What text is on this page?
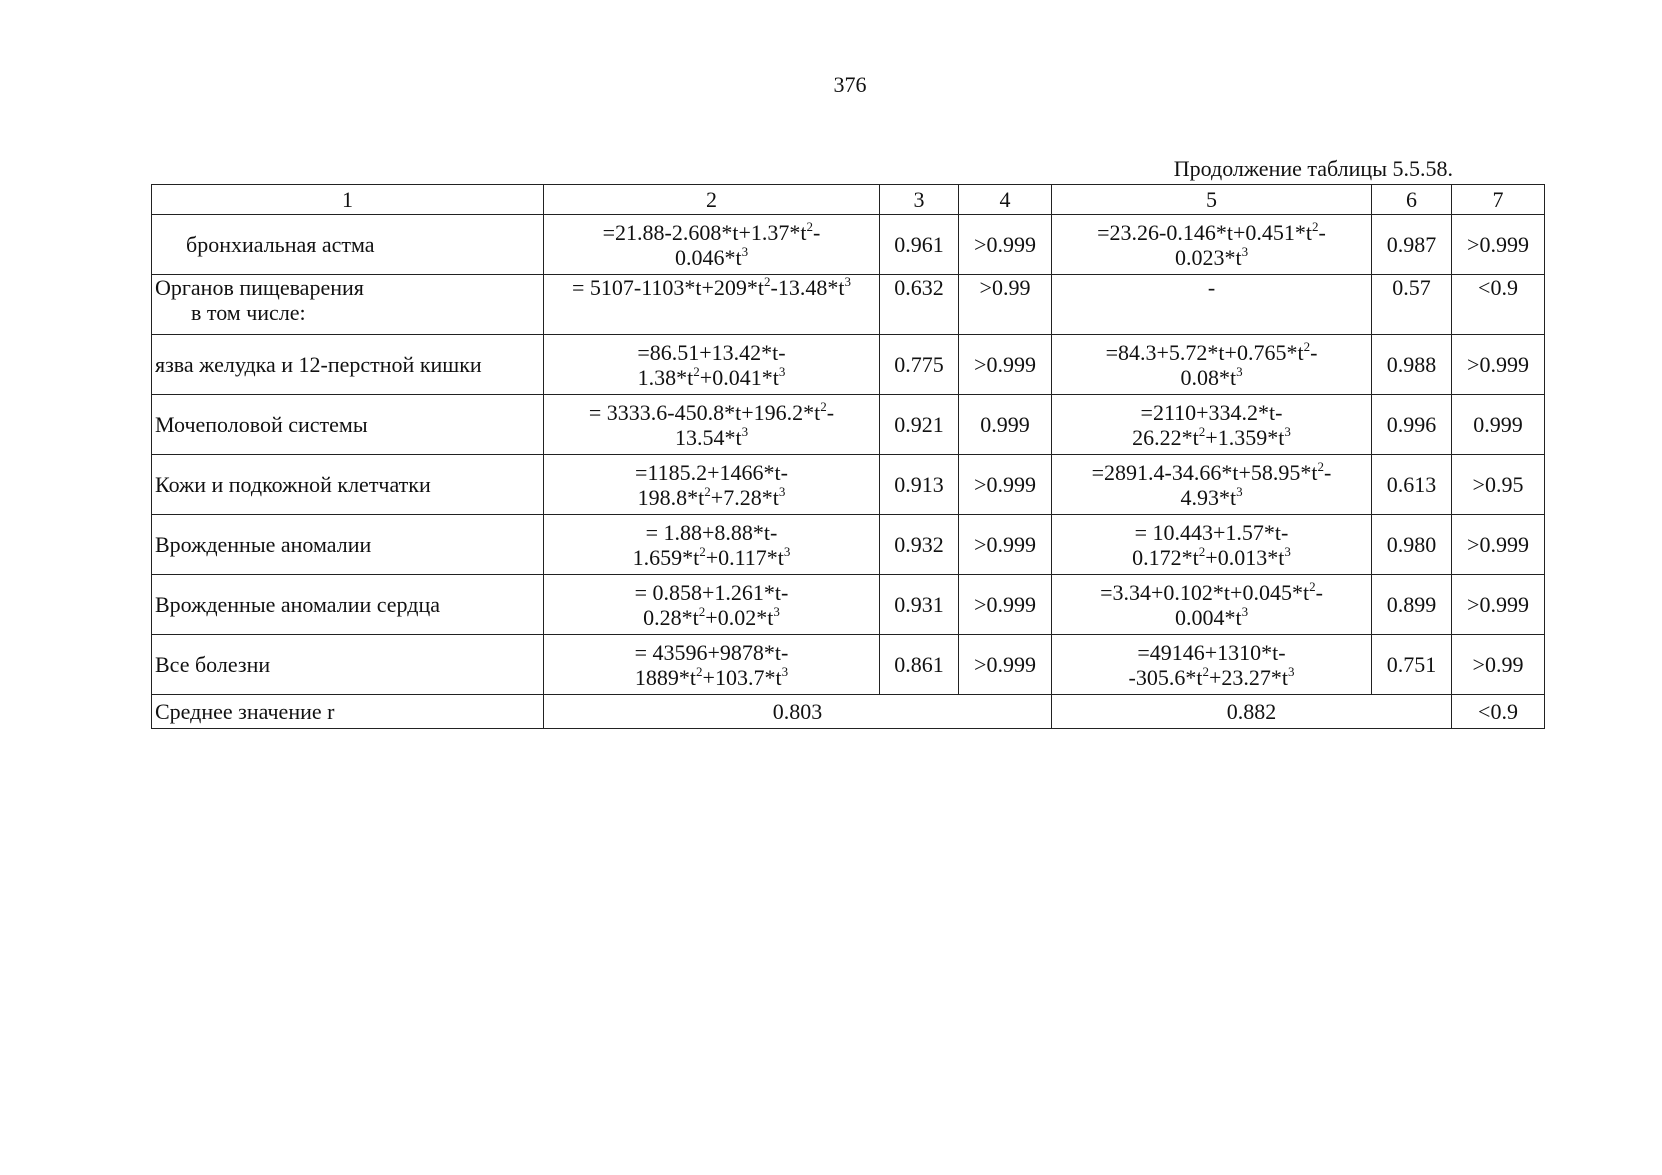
376
Продолжение таблицы 5.5.58.
1	2	3	4	5	6	7

бронхиальная астма	$=21.88-2.608*t+1.37*t^2-$
$0.046*t^3$	0.961	>0.999	$=23.26-0.146*t+0.451*t^2-$
$0.023*t^3$	0.987	>0.999

Органов пищеварения
в том числе:	= $5107-1103*t+209*t^2-13.48*t^3$	0.632	>0.99	-	0.57	<0.9

язва желудка и 12-перстной кишки	=86.51+13.42*t-
$1.38*t^2+0.041*t^3$	0.775	>0.999	$=84.3+5.72*t+0.765*t^2-$
$0.08*t^3$	0.988	>0.999

Мочеполовой системы	= $3333.6-450.8*t+196.2*t^2-$
$13.54*t^3$	0.921	0.999	=2110+334.2*t-
$26.22*t^2+1.359*t^3$	0.996	0.999

Кожи и подкожной клетчатки	=1185.2+1466*t-
$198.8*t^2+7.28*t^3$	0.913	>0.999	$=2891.4-34.66*t+58.95*t^2-$
$4.93*t^3$	0.613	>0.95

Врожденные аномалии	= 1.88+8.88*t-
$1.659*t^2+0.117*t^3$	0.932	>0.999	= 10.443+1.57*t-
$0.172*t^2+0.013*t^3$	0.980	>0.999

Врожденные аномалии сердца	= 0.858+1.261*t-
$0.28*t^2+0.02*t^3$	0.931	>0.999	$=3.34+0.102*t+0.045*t^2-$
$0.004*t^3$	0.899	>0.999

Все болезни	= 43596+9878*t-
$1889*t^2+103.7*t^3$	0.861	>0.999	=49146+1310*t-
$-305.6*t^2+23.27*t^3$	0.751	>0.99
Среднее значение r	0.803			0.882		<0.9
